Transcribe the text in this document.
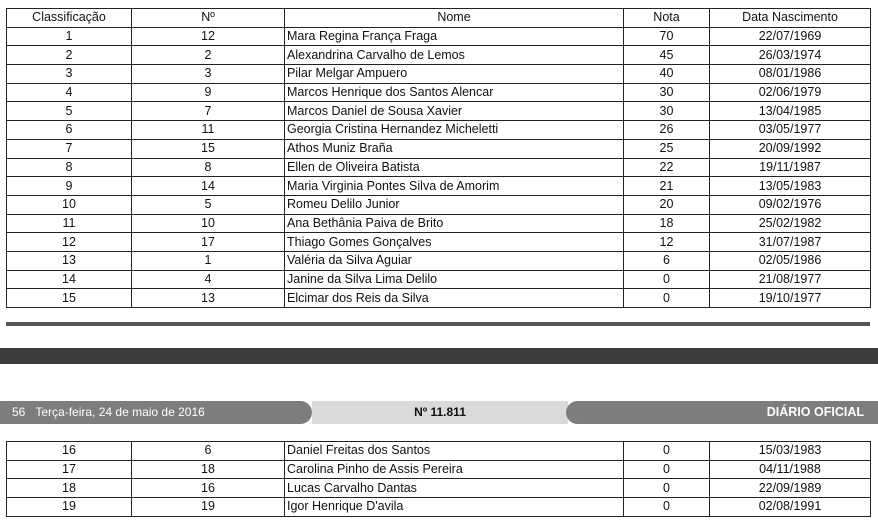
Classificação	Nº	Nome	Nota	Data Nascimento
1	12	Mara Regina França Fraga	70	22/07/1969
2	2	Alexandrina Carvalho de Lemos	45	26/03/1974
3	3	Pilar Melgar Ampuero	40	08/01/1986
4	9	Marcos Henrique dos Santos Alencar	30	02/06/1979
5	7	Marcos Daniel de Sousa Xavier	30	13/04/1985
6	11	Georgia Cristina Hernandez Micheletti	26	03/05/1977
7	15	Athos Muniz Braña	25	20/09/1992
8	8	Ellen de Oliveira Batista	22	19/11/1987
9	14	Maria Virginia Pontes Silva de Amorim	21	13/05/1983
10	5	Romeu Delilo Junior	20	09/02/1976
11	10	Ana Bethânia Paiva de Brito	18	25/02/1982
12	17	Thiago Gomes Gonçalves	12	31/07/1987
13	1	Valéria da Silva Aguiar	6	02/05/1986
14	4	Janine da Silva Lima Delilo	0	21/08/1977
15	13	Elcimar dos Reis da Silva	0	19/10/1977
56 Terça-feira, 24 de maio de 2016	Nº 11.811	DIÁRIO OFICIAL
16	6	Daniel Freitas dos Santos	0	15/03/1983
17	18	Carolina Pinho de Assis Pereira	0	04/11/1988
18	16	Lucas Carvalho Dantas	0	22/09/1989
19	19	Igor Henrique D'avila	0	02/08/1991
